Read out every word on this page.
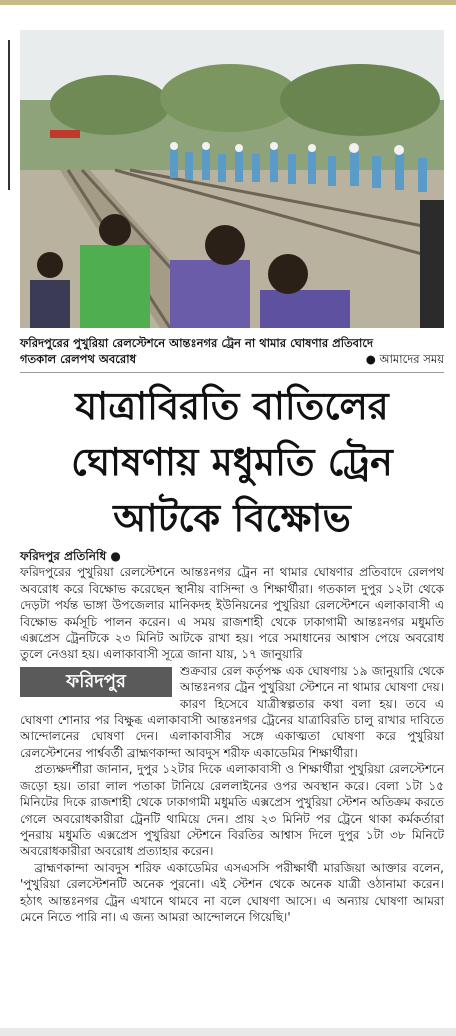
ফরিদপুরের পুখুরিয়া রেলস্টেশনে আন্তঃনগর ট্রেন না থামার ঘোষণার প্রতিবাদে
গতকাল রেলপথ অবরোধ	● আমাদের সময়
যাত্রাবিরতি বাতিলের
ঘোষণায় মধুমতি ট্রেন
আটকে বিক্ষোভ
ফরিদপুর প্রতিনিধি ●

ফরিদপুরের পুখুরিয়া রেলস্টেশনে আন্তঃনগর ট্রেন না থামার ঘোষণার প্রতিবাদে রেলপথ অবরোধ করে বিক্ষোভ করেছেন স্থানীয় বাসিন্দা ও শিক্ষার্থীরা। গতকাল দুপুর ১২টা থেকে দেড়টা পর্যন্ত ভাঙ্গা উপজেলার মানিকদহ ইউনিয়নের পুখুরিয়া রেলস্টেশনে এলাকাবাসী এ বিক্ষোভ কর্মসূচি পালন করেন। এ সময় রাজশাহী থেকে ঢাকাগামী আন্তঃনগর মধুমতি এক্সপ্রেস ট্রেনটিকে ২৩ মিনিট আটকে রাখা হয়। পরে সমাধানের আশ্বাস পেয়ে অবরোধ তুলে নেওয়া হয়। এলাকাবাসী সূত্রে জানা যায়, ১৭ জানুয়ারি

ফরিদপুর	শুক্রবার রেল কর্তৃপক্ষ এক ঘোষণায় ১৯ জানুয়ারি থেকে আন্তঃনগর ট্রেন পুখুরিয়া স্টেশনে না থামার ঘোষণা দেয়। কারণ হিসেবে যাত্রীস্বল্পতার কথা বলা হয়। তবে এ ঘোষণা শোনার পর বিক্ষুব্ধ এলাকাবাসী আন্তঃনগর ট্রেনের যাত্রাবিরতি চালু রাখার দাবিতে আন্দোলনের ঘোষণা দেন। এলাকাবাসীর সঙ্গে একাত্মতা ঘোষণা করে পুখুরিয়া রেলস্টেশনের পার্শ্ববর্তী ব্রাহ্মণকান্দা আবদুস শরীফ একাডেমির শিক্ষার্থীরা।

প্রত্যক্ষদর্শীরা জানান, দুপুর ১২টার দিকে এলাকাবাসী ও শিক্ষার্থীরা পুখুরিয়া রেলস্টেশনে জড়ো হয়। তারা লাল পতাকা টানিয়ে রেললাইনের ওপর অবস্থান করে। বেলা ১টা ১৫ মিনিটের দিকে রাজশাহী থেকে ঢাকাগামী মধুমতি এক্সপ্রেস পুখুরিয়া স্টেশন অতিক্রম করতে গেলে অবরোধকারীরা ট্রেনটি থামিয়ে দেন। প্রায় ২৩ মিনিট পর ট্রেনে থাকা কর্মকর্তারা পুনরায় মধুমতি এক্সপ্রেস পুখুরিয়া স্টেশনে বিরতির আশ্বাস দিলে দুপুর ১টা ৩৮ মিনিটে অবরোধকারীরা অবরোধ প্রত্যাহার করেন।

ব্রাহ্মণকান্দা আবদুস শরিফ একাডেমির এসএসসি পরীক্ষার্থী মারজিয়া আক্তার বলেন, 'পুখুরিয়া রেলস্টেশনটি অনেক পুরনো। এই স্টেশন থেকে অনেক যাত্রী ওঠানামা করেন। হঠাৎ আন্তঃনগর ট্রেন এখানে থামবে না বলে ঘোষণা আসে। এ অন্যায় ঘোষণা আমরা মেনে নিতে পারি না। এ জন্য আমরা আন্দোলনে গিয়েছি।'
